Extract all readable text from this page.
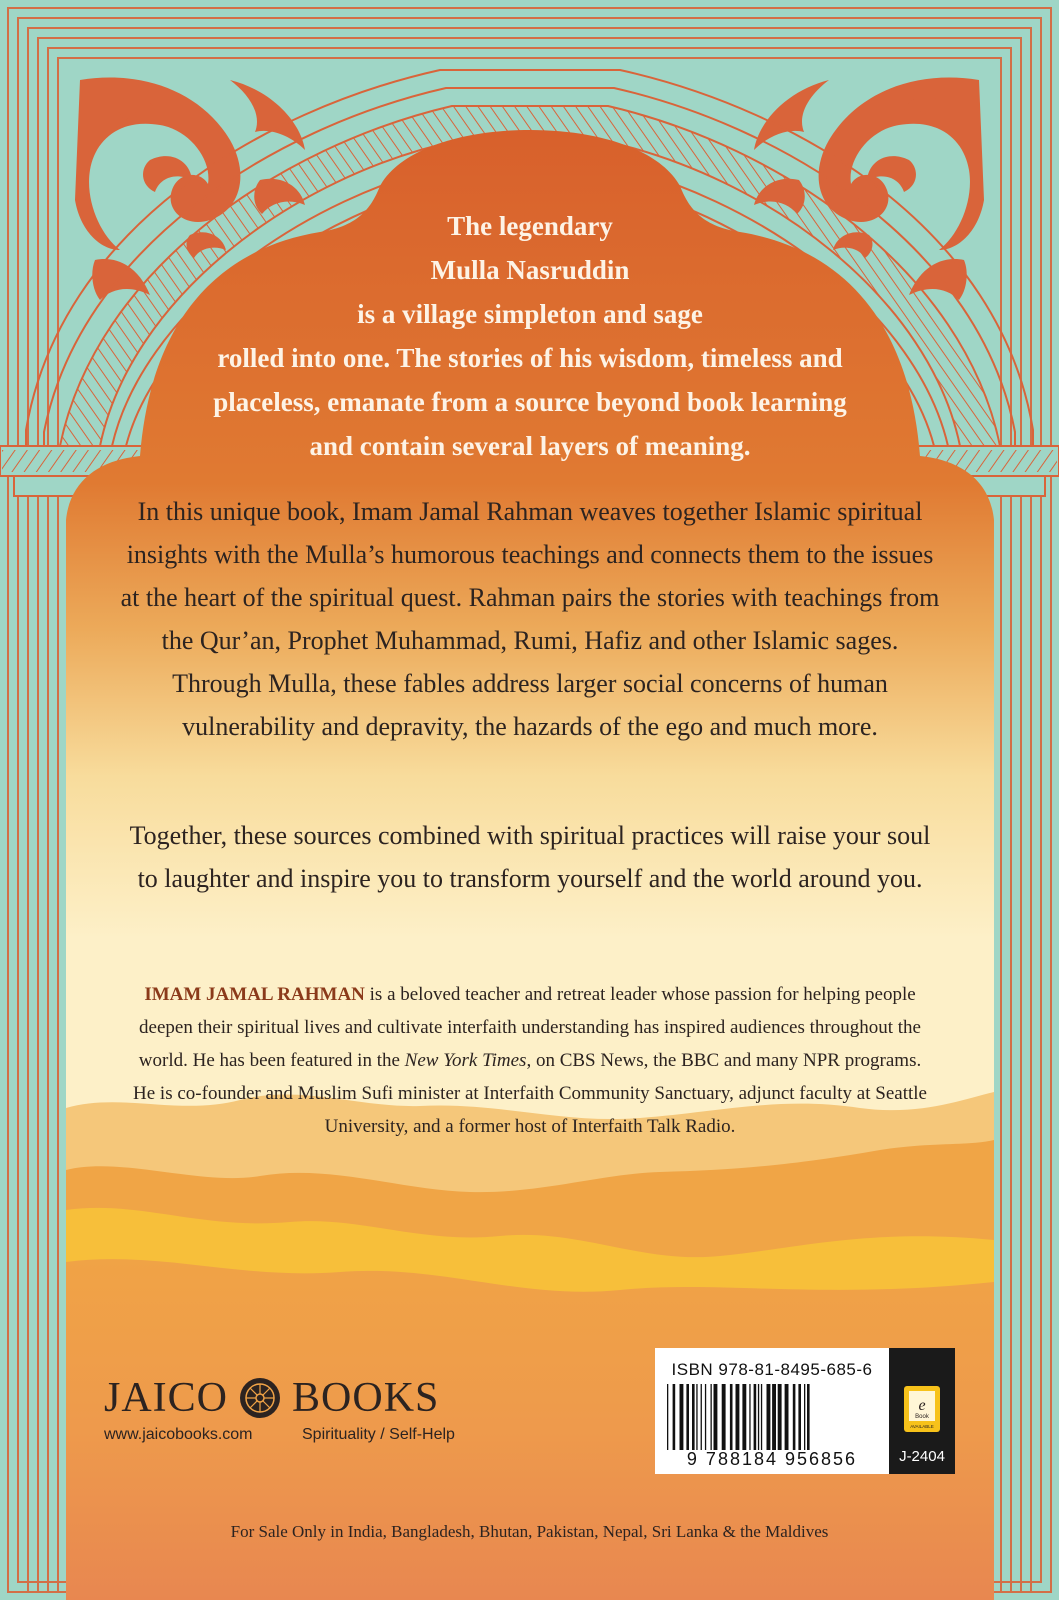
The legendary
Mulla Nasruddin
is a village simpleton and sage
rolled into one. The stories of his wisdom, timeless and
placeless, emanate from a source beyond book learning
and contain several layers of meaning.

In this unique book, Imam Jamal Rahman weaves together Islamic spiritual insights with the Mulla’s humorous teachings and connects them to the issues at the heart of the spiritual quest. Rahman pairs the stories with teachings from the Qur’an, Prophet Muhammad, Rumi, Hafiz and other Islamic sages. Through Mulla, these fables address larger social concerns of human vulnerability and depravity, the hazards of the ego and much more.

Together, these sources combined with spiritual practices will raise your soul to laughter and inspire you to transform yourself and the world around you.

IMAM JAMAL RAHMAN is a beloved teacher and retreat leader whose passion for helping people deepen their spiritual lives and cultivate interfaith understanding has inspired audiences throughout the world. He has been featured in the New York Times, on CBS News, the BBC and many NPR programs. He is co-founder and Muslim Sufi minister at Interfaith Community Sanctuary, adjunct faculty at Seattle University, and a former host of Interfaith Talk Radio.

JAICO BOOKS
www.jaicobooks.com	Spirituality / Self-Help
ISBN 978-81-8495-685-6
9 788184 956856
e
Book
AVAILABLE
J-2404
For Sale Only in India, Bangladesh, Bhutan, Pakistan, Nepal, Sri Lanka & the Maldives
